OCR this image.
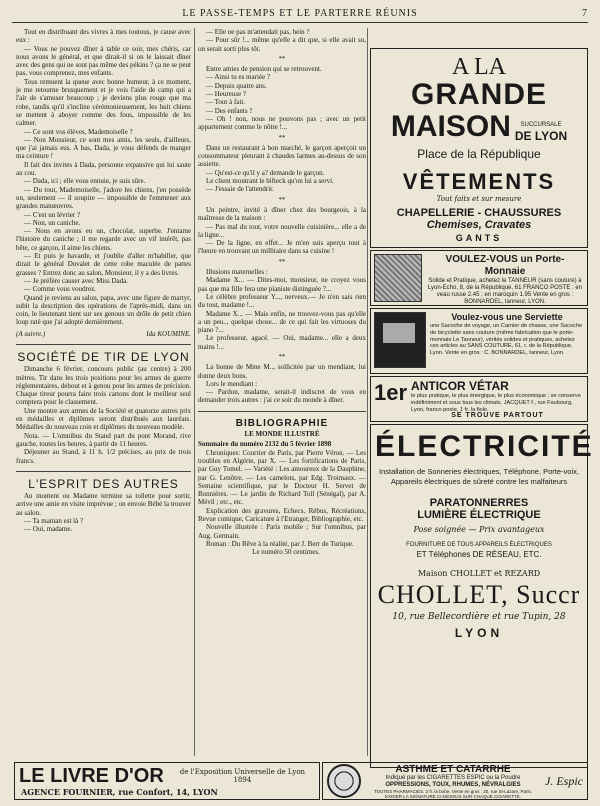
LE PASSE-TEMPS ET LE PARTERRE RÉUNIS	7

Tout en distribuant des vivres à mes toutous, je cause avec eux :

— Vous ne pouvez dîner à table ce soir, mes chéris, car nous avons le général, et que dirait-il si on le laissait dîner avec des gens qui ne sont pas même des pékins ? ça ne se peut pas, vous comprenez, mes enfants.

Tous remuent la queue avec bonne humeur, à ce moment, je me retourne brusquement et je vois l'aide de camp qui a l'air de s'amuser beaucoup ; je deviens plus rouge que ma robe, tandis qu'il s'incline cérémonieusement, les huit chiens se mettent à aboyer comme des fous, impossible de les calmer.

— Ce sont vos élèves, Mademoiselle ?

— Non Monsieur, ce sont mes amis, les seuls, d'ailleurs, que j'ai jamais eus. A bas, Dada, je vous défends de manger ma ceinture !

Il fait des invites à Dada, personne expansive qui lui saute au cou.

— Dada, ici ; elle vous ennuie, je suis sûre.

— Du tout, Mademoiselle, j'adore les chiens, j'en possède un, seulement — il soupire — impossible de l'emmener aux grandes manœuvres.

— C'est un lévrier ?

— Non, un caniche.

— Nous en avons eu un, chocolat, superbe. J'entame l'histoire du caniche ; il me regarde avec un vif intérêt, pas bête, ce garçon, il aime les chiens.

— Et puis je bavarde, et j'oublie d'aller m'habiller, que dirait le général Duvalet de cette robe maculée de pattes grasses ? Entrez donc au salon, Monsieur, il y a des livres.

— Je préfère causer avec Miss Dada.

— Comme vous voudrez.

Quand je reviens au salon, papa, avec une figure de martyr, subit la description des opérations de l'après-midi, dans un coin, le lieutenant tient sur ses genoux un drôle de petit chien loup raté que j'ai adopté dernièrement.

(A suivre.)	Ida KOUMINE.
SOCIÉTÉ DE TIR DE LYON

Dimanche 6 février, concours public (au centre) à 200 mètres. Tir dans les trois positions pour les armes de guerre réglementaires, debout et à genou pour les armes de précision. Chaque tireur pourra faire trois cartons dont le meilleur seul comptera pour le classement.

Une montre aux armes de la Société et quatorze autres prix en médailles et diplômes seront distribués aux lauréats. Médailles du nouveau coin et diplômes du nouveau modèle.

Nota. — L'omnibus du Stand part du pont Morand, rive gauche, toutes les heures, à partir de 11 heures.

Déjeuner au Stand, à 11 h. 1/2 précises, au prix de trois francs.

L'ESPRIT DES AUTRES

Au moment ou Madame termine sa toilette pour sortir, arrive une amie en visite imprévue ; on envoie Bébé la trouver au salon.

— Ta maman est là ?

— Oui, madame.

— Elle ne pas m'attendait pas, hein ?

— Pour sûr !... même qu'elle a dit que, si elle avait su, on serait sorti plus tôt.

**

Entre amies de pension qui se retrouvent.

— Ainsi tu es mariée ?

— Depuis quatre ans.

— Heureuse ?

— Tout à fait.

— Des enfants ?

— Oh ! non, nous ne pouvons pas ; avec un petit appartement comme le nôtre !...

**

Dans un restaurant à bon marché, le garçon aperçoit un consommateur pleurant à chaudes larmes au-dessus de son assiette.

— Qu'est-ce qu'il y a? demande le garçon.

Le client montrant le bifteck qu'on lui a servi.

— J'essaie de l'attendrir.

**

Un peintre, invité à dîner chez des bourgeois, à la maîtresse de la maison :

— Pas mal du tout, votre nouvelle cuisinière... elle a de la ligne...

— De la ligne, en effet... Je m'en suis aperçu tout à l'heure en trouvant un millitaire dans sa cuisine !

**

Illusions maternelles :

Madame X... — Dites-moi, monsieur, ne croyez vous pas que ma fille fera une pianiste distinguée ?...

Le célèbre professeur Y..., nerveux.— Je n'en sais rien du tout, madame !...

Madame X... — Mais enfin, ne trouvez-vous pas qu'elle a un peu.., quelque chose... de ce qui fait les virtuoses du piano ?...

Le professeur, agacé. — Oui, madame... elle a deux mains !...

**

La bonne de Mme M.., sollicitée par un mendiant, lui donne deux bons.

Lors le mendiant :

— Pardon, madame, serait-il indiscret de vous en demander trois autres : j'ai ce soir du monde à dîner.

BIBLIOGRAPHIE
LE MONDE ILLUSTRÉ

Sommaire du numéro 2132 du 5 février 1898

Chroniques: Courrier de Paris, par Pierre Véron. — Les troubles en Algérie, par X. — Les fortifications de Paris, par Guy Tomel. — Variété : Les amoureux de la Dauphine, par G. Lenôtre. — Les camelots, par Edg. Troimaux. — Semaine scientifique, par le Docteur H. Servet de Bonnières. — Le jardin de Richard Toll (Sénégal), par A. Mévil ; etc., etc.

Explication des gravures, Echecs, Rébus, Récréations, Revue comique, Caricature à l'Etranger, Bibliographie, etc.

Nouvelle illustrée : Paris mobile ; Sur l'omnibus, par Aug. Germain.

Roman : Du Rêve à la réalité, par J. Berr de Turique.

Le numéro 50 centimes.

A LA
GRANDE
MAISON SUCCURSALE
DE LYON
Place de la République
VÊTEMENTS
Tout faits et sur mesure
CHAPELLERIE - CHAUSSURES
Chemises, Cravates
GANTS
VOULEZ-VOUS un Porte-Monnaie
Solide et Pratique, achetez le TANNEUR (sans couture) à Lyon-Echo, 8, de la République, 61 FRANCO POSTE : en veau russe 2.45 ; en maroquin 1.95 Vente en gros : BONNARDEL, tanneur, LYON.
Voulez-vous une Serviette
une Sacoche de voyage, un Carnier de chasse, une Sacoche de bicyclette sans couture (même fabrication que le porte-monnaie Le Tanneur), vérités solides et pratiques, achetez ces articles au SANS COUTURE, 61, r. de la République, Lyon. Vente en gros : C. BONNARDEL, tanneur, Lyon.
1er ANTICOR VÉTAR
le plus pratique, le plus énergique, le plus économique ; se conserve indéfiniment et sous tous les climats. JACQUET f., rue Faubourg, Lyon, franco poste, 1 fr. la fiole.
SE TROUVE PARTOUT
ÉLECTRICITÉ
Installation de Sonneries électriques, Téléphone, Porte-voix, Appareils électriques de sûreté contre les malfaiteurs
PARATONNERRES
LUMIÈRE ÉLECTRIQUE
Pose soignée — Prix avantageux
FOURNITURE DE TOUS APPAREILS ÉLECTRIQUES
ET Téléphones DE RÉSEAU, ETC.
Maison CHOLLET et REZARD
CHOLLET, Succr
10, rue Bellecordière et rue Tupin, 28
LYON
LE LIVRE D'OR	de l'Exposition Universelle de Lyon 1894
AGENCE FOURNIER, rue Confort, 14, LYON
ASTHME ET CATARRHE
Indiqué par les CIGARETTES ESPIC ou la Poudre
OPPRESSIONS, TOUX, RHUMES, NÉVRALGIES
TOUTES PHARMACIES. 2 fr. la boîte. Vente en gros : 20, rue St-Lazare, Paris. EXIGER LA SIGNATURE CI-DESSUS SUR CHAQUE CIGARETTE.
J. Espic
